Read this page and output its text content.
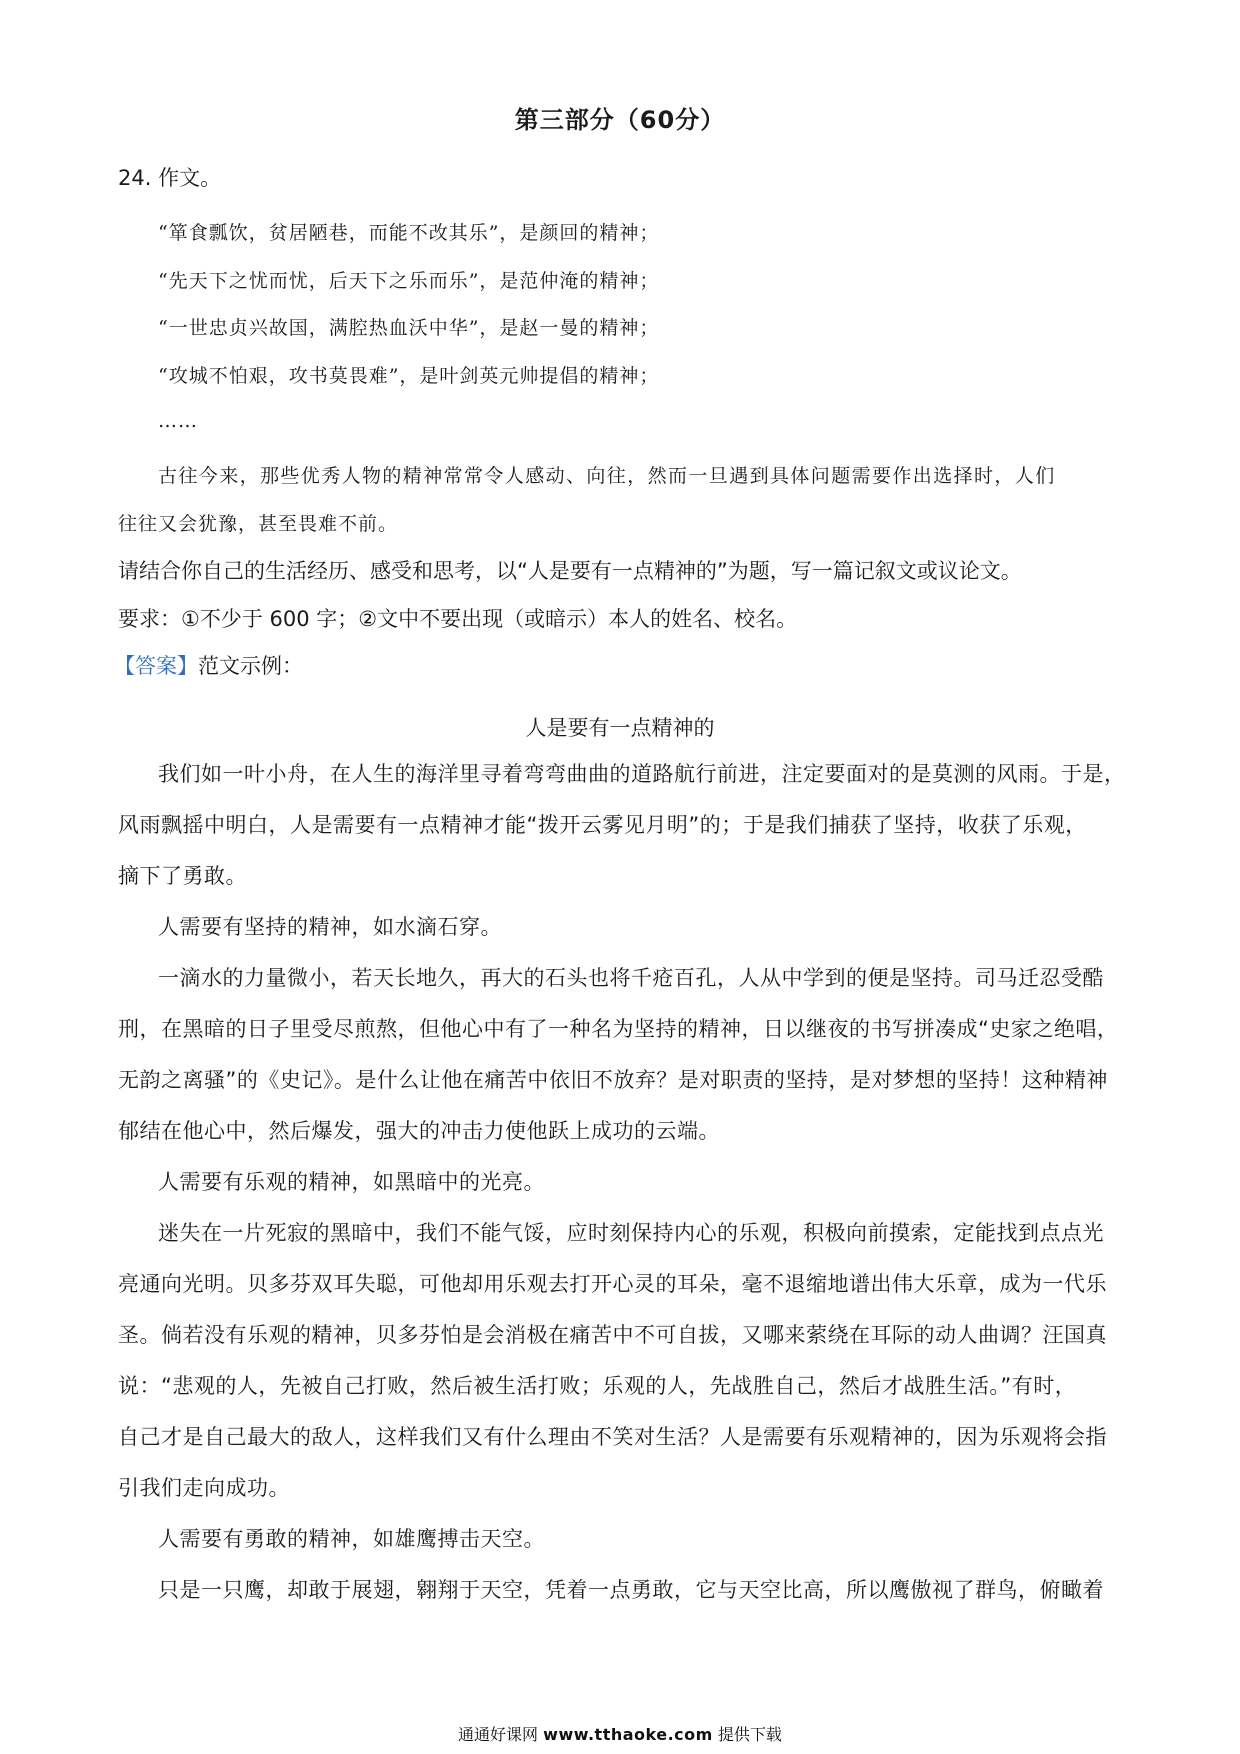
第三部分（60分）
24. 作文。
“箪食瓢饮，贫居陋巷，而能不改其乐”，是颜回的精神；
“先天下之忧而忧，后天下之乐而乐”，是范仲淹的精神；
“一世忠贞兴故国，满腔热血沃中华”，是赵一曼的精神；
“攻城不怕艰，攻书莫畏难”，是叶剑英元帅提倡的精神；
……
古往今来，那些优秀人物的精神常常令人感动、向往，然而一旦遇到具体问题需要作出选择时，人们
往往又会犹豫，甚至畏难不前。
请结合你自己的生活经历、感受和思考，以“人是要有一点精神的”为题，写一篇记叙文或议论文。
要求：①不少于 600 字；②文中不要出现（或暗示）本人的姓名、校名。
【答案】范文示例：
人是要有一点精神的
我们如一叶小舟，在人生的海洋里寻着弯弯曲曲的道路航行前进，注定要面对的是莫测的风雨。于是，
风雨飘摇中明白，人是需要有一点精神才能“拨开云雾见月明”的；于是我们捕获了坚持，收获了乐观，
摘下了勇敢。
人需要有坚持的精神，如水滴石穿。
一滴水的力量微小，若天长地久，再大的石头也将千疮百孔，人从中学到的便是坚持。司马迁忍受酷
刑，在黑暗的日子里受尽煎熬，但他心中有了一种名为坚持的精神，日以继夜的书写拼凑成“史家之绝唱，
无韵之离骚”的《史记》。是什么让他在痛苦中依旧不放弃？是对职责的坚持，是对梦想的坚持！这种精神
郁结在他心中，然后爆发，强大的冲击力使他跃上成功的云端。
人需要有乐观的精神，如黑暗中的光亮。
迷失在一片死寂的黑暗中，我们不能气馁，应时刻保持内心的乐观，积极向前摸索，定能找到点点光
亮通向光明。贝多芬双耳失聪，可他却用乐观去打开心灵的耳朵，毫不退缩地谱出伟大乐章，成为一代乐
圣。倘若没有乐观的精神，贝多芬怕是会消极在痛苦中不可自拔，又哪来萦绕在耳际的动人曲调？汪国真
说：“悲观的人，先被自己打败，然后被生活打败；乐观的人，先战胜自己，然后才战胜生活。”有时，
自己才是自己最大的敌人，这样我们又有什么理由不笑对生活？人是需要有乐观精神的，因为乐观将会指
引我们走向成功。
人需要有勇敢的精神，如雄鹰搏击天空。
只是一只鹰，却敢于展翅，翱翔于天空，凭着一点勇敢，它与天空比高，所以鹰傲视了群鸟，俯瞰着
通通好课网 www.tthaoke.com 提供下载
